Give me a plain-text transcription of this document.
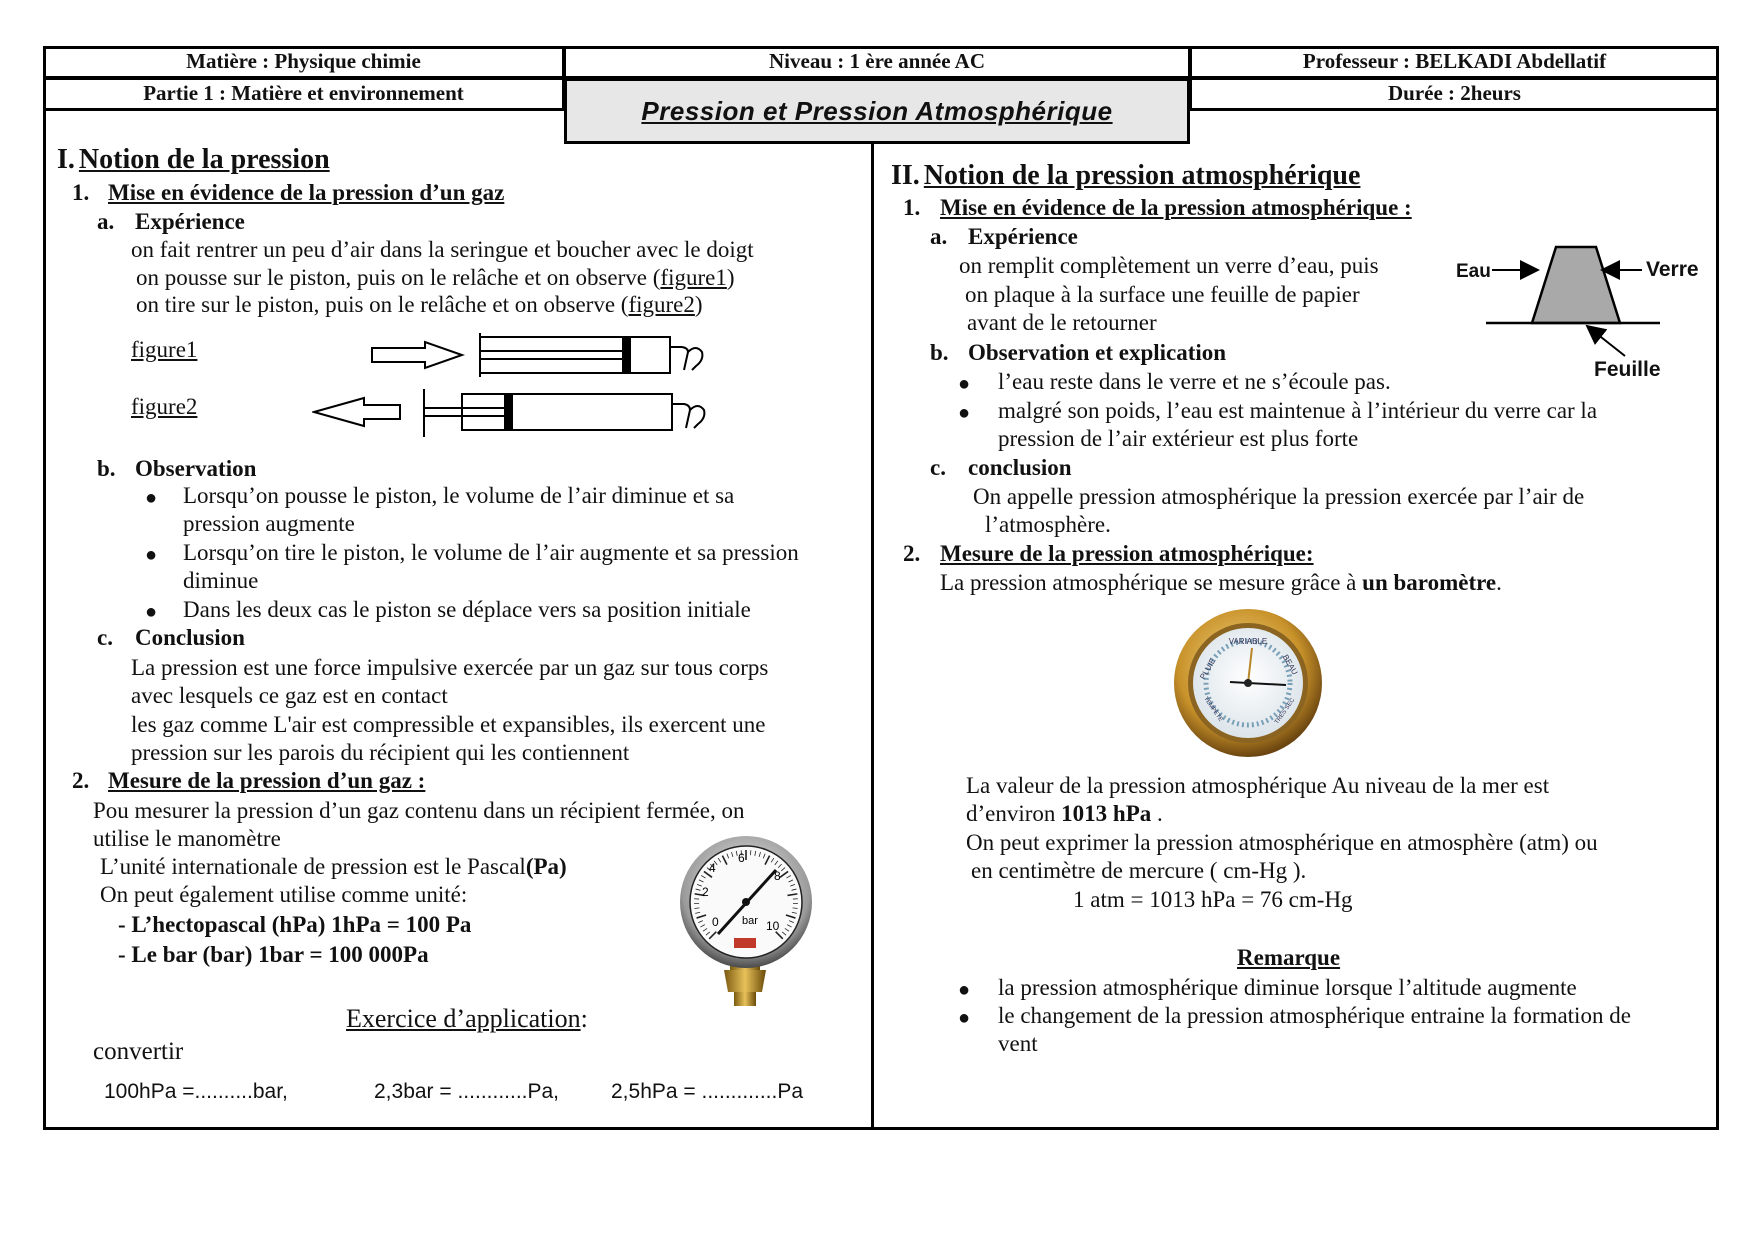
Matière : Physique chimie	Niveau : 1 ère année AC	Professeur : BELKADI Abdellatif
Partie 1 : Matière et environnement	Durée : 2heurs
Pression et Pression Atmosphérique
I. Notion de la pression
1. Mise en évidence de la pression d’un gaz
a. Expérience
on fait rentrer un peu d’air dans la seringue et boucher avec le doigt
on pousse sur le piston, puis on le relâche et on observe (figure1)
on tire sur le piston, puis on le relâche et on observe (figure2)
figure1
figure2
b. Observation
● Lorsqu’on pousse le piston, le volume de l’air diminue et sa
pression augmente
● Lorsqu’on tire le piston, le volume de l’air augmente et sa pression
diminue
● Dans les deux cas le piston se déplace vers sa position initiale
c. Conclusion
La pression est une force impulsive exercée par un gaz sur tous corps
avec lesquels ce gaz est en contact
les gaz comme L'air est compressible et expansibles, ils exercent une
pression sur les parois du récipient qui les contiennent
2. Mesure de la pression d’un gaz :
Pou mesurer la pression d’un gaz contenu dans un récipient fermée, on
utilise le manomètre
L’unité internationale de pression est le Pascal(Pa)
On peut également utilise comme unité:
- L’hectopascal (hPa) 1hPa = 100 Pa
- Le bar (bar) 1bar = 100 000Pa
bar
2
4
6
8
10
0
Exercice d’application:
convertir
100hPa =..........bar,	2,3bar = ............Pa, 2,5hPa = .............Pa
II. Notion de la pression atmosphérique
1. Mise en évidence de la pression atmosphérique :
a. Expérience
on remplit complètement un verre d’eau, puis
on plaque à la surface une feuille de papier
avant de le retourner
Eau	Verre
Feuille
b. Observation et explication
● l’eau reste dans le verre et ne s’écoule pas.
● malgré son poids, l’eau est maintenue à l’intérieur du verre car la
pression de l’air extérieur est plus forte
c. conclusion
On appelle pression atmosphérique la pression exercée par l’air de
l’atmosphère.
2. Mesure de la pression atmosphérique:
La pression atmosphérique se mesure grâce à un baromètre.
VARIABLE
PLUIE	BEAU
TEMPETE	TRES SEC
La valeur de la pression atmosphérique Au niveau de la mer est
d’environ 1013 hPa .
On peut exprimer la pression atmosphérique en atmosphère (atm) ou
en centimètre de mercure ( cm-Hg ).
1 atm = 1013 hPa = 76 cm-Hg
Remarque
● la pression atmosphérique diminue lorsque l’altitude augmente
● le changement de la pression atmosphérique entraine la formation de
vent
